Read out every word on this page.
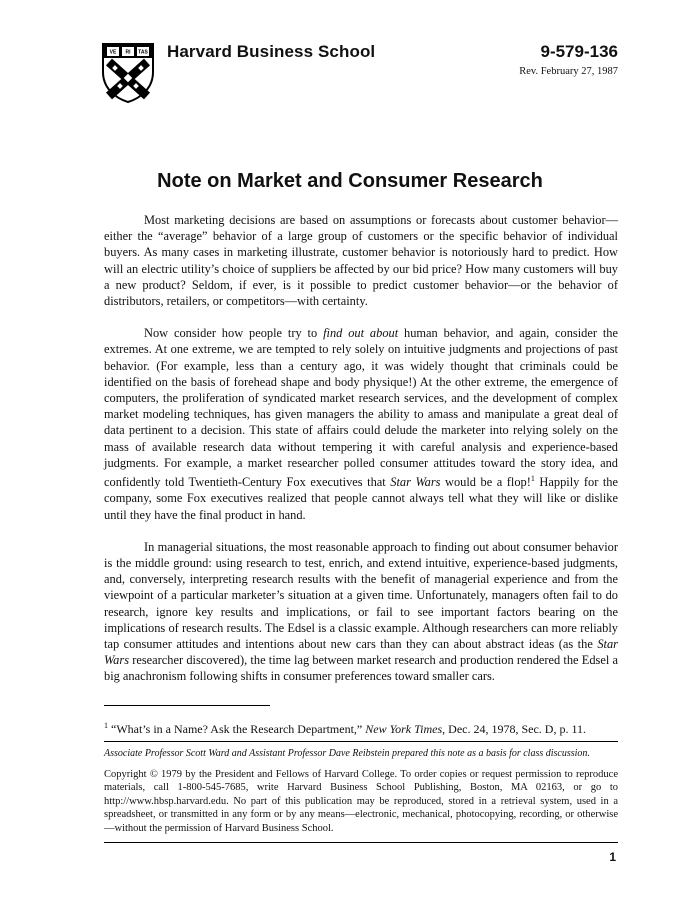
VE RI TAS Harvard Business School	9-579-136
Rev. February 27, 1987
Note on Market and Consumer Research

Most marketing decisions are based on assumptions or forecasts about customer behavior—either the “average” behavior of a large group of customers or the specific behavior of individual buyers. As many cases in marketing illustrate, customer behavior is notoriously hard to predict. How will an electric utility’s choice of suppliers be affected by our bid price? How many customers will buy a new product? Seldom, if ever, is it possible to predict customer behavior—or the behavior of distributors, retailers, or competitors—with certainty.

Now consider how people try to find out about human behavior, and again, consider the extremes. At one extreme, we are tempted to rely solely on intuitive judgments and projections of past behavior. (For example, less than a century ago, it was widely thought that criminals could be identified on the basis of forehead shape and body physique!) At the other extreme, the emergence of computers, the proliferation of syndicated market research services, and the development of complex market modeling techniques, has given managers the ability to amass and manipulate a great deal of data pertinent to a decision. This state of affairs could delude the marketer into relying solely on the mass of available research data without tempering it with careful analysis and experience-based judgments. For example, a market researcher polled consumer attitudes toward the story idea, and confidently told Twentieth-Century Fox executives that Star Wars would be a flop!$^1$ Happily for the company, some Fox executives realized that people cannot always tell what they will like or dislike until they have the final product in hand.

In managerial situations, the most reasonable approach to finding out about consumer behavior is the middle ground: using research to test, enrich, and extend intuitive, experience-based judgments, and, conversely, interpreting research results with the benefit of managerial experience and from the viewpoint of a particular marketer’s situation at a given time. Unfortunately, managers often fail to do research, ignore key results and implications, or fail to see important factors bearing on the implications of research results. The Edsel is a classic example. Although researchers can more reliably tap consumer attitudes and intentions about new cars than they can about abstract ideas (as the Star Wars researcher discovered), the time lag between market research and production rendered the Edsel a big anachronism following shifts in consumer preferences toward smaller cars.

$^1$ “What’s in a Name? Ask the Research Department,” New York Times, Dec. 24, 1978, Sec. D, p. 11.
Associate Professor Scott Ward and Assistant Professor Dave Reibstein prepared this note as a basis for class discussion.
Copyright © 1979 by the President and Fellows of Harvard College. To order copies or request permission to reproduce materials, call 1-800-545-7685, write Harvard Business School Publishing, Boston, MA 02163, or go to http://www.hbsp.harvard.edu. No part of this publication may be reproduced, stored in a retrieval system, used in a spreadsheet, or transmitted in any form or by any means—electronic, mechanical, photocopying, recording, or otherwise—without the permission of Harvard Business School.
1
